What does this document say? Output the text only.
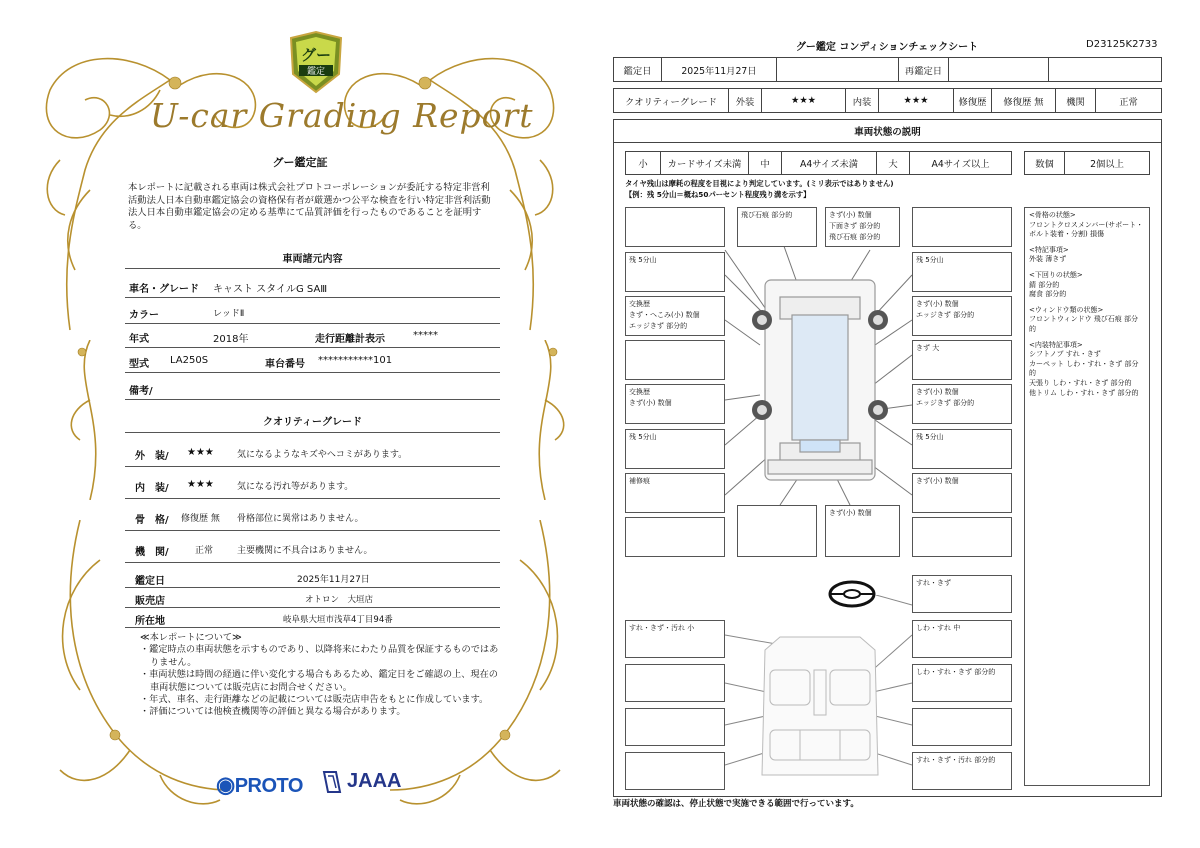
グー
鑑定
U-car Grading Report
グー鑑定証
本レポートに記載される車両は株式会社プロトコーポレーションが委託する特定非営利活動法人日本自動車鑑定協会の資格保有者が厳選かつ公平な検査を行い特定非営利活動法人日本自動車鑑定協会の定める基準にて品質評価を行ったものであることを証明する。
車両諸元内容
車名・グレード キャスト スタイルG SAⅢ
カラー	レッドⅡ
年式	2018年	走行距離計表示	*****
型式 LA250S	車台番号 ***********101
備考/
クオリティーグレード
外　装/ ★★★	気になるようなキズやヘコミがあります。
内　装/ ★★★	気になる汚れ等があります。
骨　格/ 修復歴 無 骨格部位に異常はありません。
機　関/	正常	主要機関に不具合はありません。
鑑定日	2025年11月27日
販売店	オトロン　大垣店
所在地	岐阜県大垣市浅草4丁目94番
≪本レポートについて≫
・鑑定時点の車両状態を示すものであり、以降将来にわたり品質を保証するものではありません。
・車両状態は時間の経過に伴い変化する場合もあるため、鑑定日をご確認の上、現在の車両状態については販売店にお問合せください。
・年式、車名、走行距離などの記載については販売店申告をもとに作成しています。
・評価については他検査機関等の評価と異なる場合があります。
◉PROTO JAAA
グー鑑定 コンディションチェックシート	D23125K2733
鑑定日	2025年11月27日	再鑑定日
クオリティーグレード	外装	★★★	内装	★★★	修復歴	修復歴 無	機関	正常
車両状態の説明
小	カードサイズ未満	中	A4サイズ未満	大	A4サイズ以上	数個	2個以上
タイヤ残山は摩耗の程度を目視により判定しています。(ミリ表示ではありません)
【例：残 5分山＝概ね50パーセント程度残り溝を示す】
飛び石痕 部分的	きず(小) 数個
下面きず 部分的
飛び石痕 部分的
残 5分山	残 5分山
交換歴
きず・へこみ(小) 数個
エッジきず 部分的
きず(小) 数個
エッジきず 部分的
きず 大
交換歴
きず(小) 数個
きず(小) 数個
エッジきず 部分的
残 5分山	残 5分山
補修痕	きず(小) 数個
きず(小) 数個
すれ・きず
すれ・きず・汚れ 小	しわ・すれ 中
しわ・すれ・きず 部分的
すれ・きず・汚れ 部分的

<骨格の状態>
フロントクロスメンバー(サポート・ボルト装着・分割) 損傷

<特記事項>
外装 薄きず

<下回りの状態>
錆 部分的
腐食 部分的

<ウィンドウ類の状態>
フロントウィンドウ 飛び石痕 部分的

<内装特記事項>
シフトノブ すれ・きず
カーペット しわ・すれ・きず 部分的
天張り しわ・すれ・きず 部分的
他トリム しわ・すれ・きず 部分的

車両状態の確認は、停止状態で実施できる範囲で行っています。
